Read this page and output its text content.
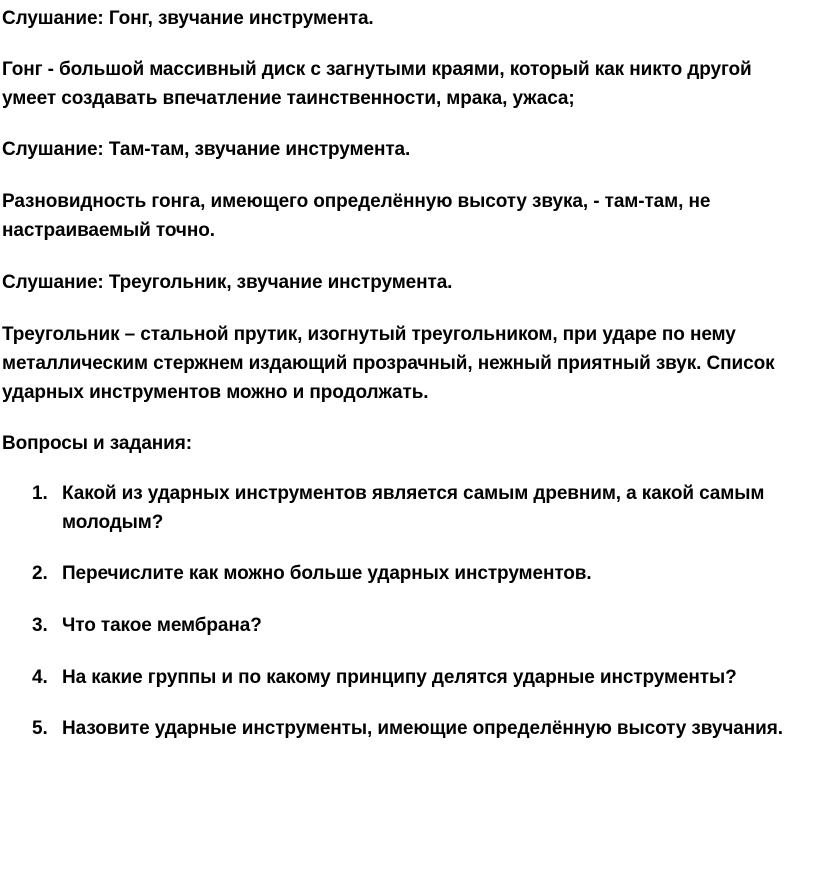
Слушание: Гонг, звучание инструмента.

Гонг - большой массивный диск с загнутыми краями, который как никто другой умеет создавать впечатление таинственности, мрака, ужаса;

Слушание: Там-там, звучание инструмента.

Разновидность гонга, имеющего определённую высоту звука, - там-там, не настраиваемый точно.

Слушание: Треугольник, звучание инструмента.

Треугольник – стальной прутик, изогнутый треугольником, при ударе по нему металлическим стержнем издающий прозрачный, нежный приятный звук. Список ударных инструментов можно и продолжать.

Вопросы и задания:

1. Какой из ударных инструментов является самым древним, а какой самым молодым?
2. Перечислите как можно больше ударных инструментов.
3. Что такое мембрана?
4. На какие группы и по какому принципу делятся ударные инструменты?
5. Назовите ударные инструменты, имеющие определённую высоту звучания.
